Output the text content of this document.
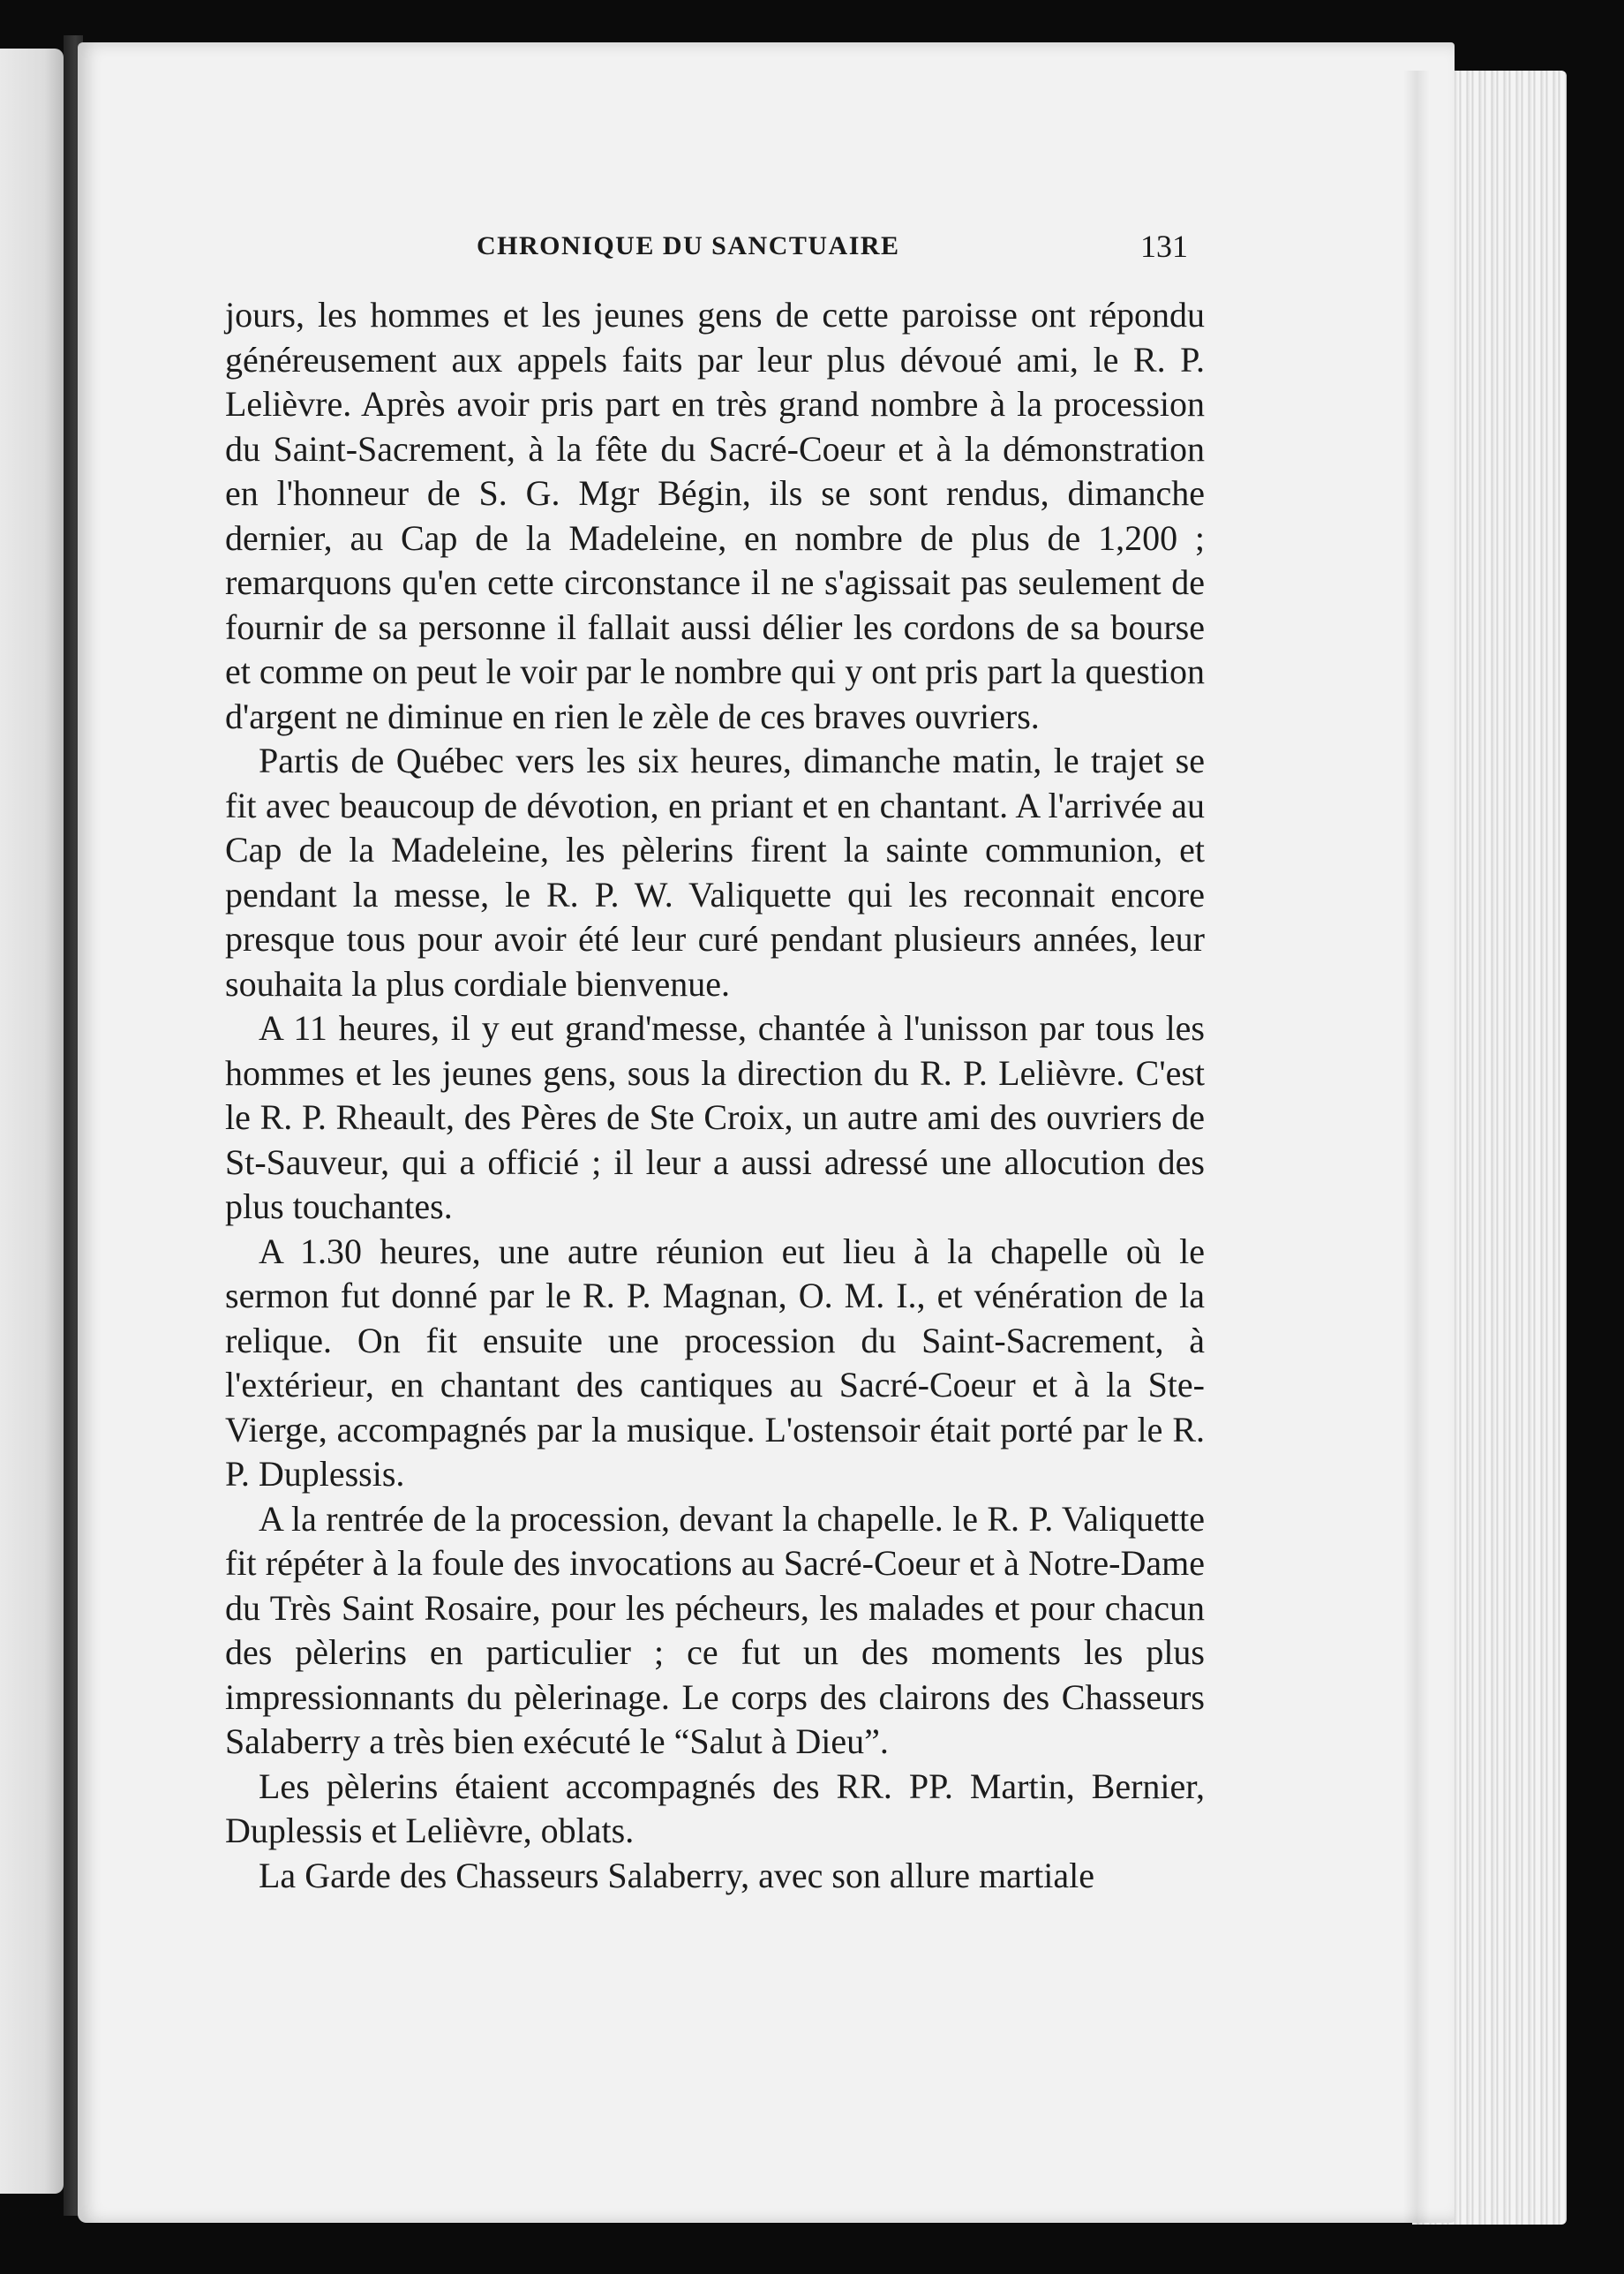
CHRONIQUE DU SANCTUAIRE	131

jours, les hommes et les jeunes gens de cette paroisse ont répondu généreusement aux appels faits par leur plus dévoué ami, le R. P. Lelièvre. Après avoir pris part en très grand nombre à la procession du Saint-Sacrement, à la fête du Sacré-Coeur et à la démonstration en l'honneur de S. G. Mgr Bégin, ils se sont rendus, dimanche dernier, au Cap de la Madeleine, en nombre de plus de 1,200 ; remarquons qu'en cette circonstance il ne s'agissait pas seulement de fournir de sa personne il fallait aussi délier les cordons de sa bourse et comme on peut le voir par le nombre qui y ont pris part la question d'argent ne diminue en rien le zèle de ces braves ouvriers.

Partis de Québec vers les six heures, dimanche matin, le trajet se fit avec beaucoup de dévotion, en priant et en chantant. A l'arrivée au Cap de la Madeleine, les pèlerins firent la sainte communion, et pendant la messe, le R. P. W. Valiquette qui les reconnait encore presque tous pour avoir été leur curé pendant plusieurs années, leur souhaita la plus cordiale bienvenue.

A 11 heures, il y eut grand'messe, chantée à l'unisson par tous les hommes et les jeunes gens, sous la direction du R. P. Lelièvre. C'est le R. P. Rheault, des Pères de Ste Croix, un autre ami des ouvriers de St-Sauveur, qui a officié ; il leur a aussi adressé une allocution des plus touchantes.

A 1.30 heures, une autre réunion eut lieu à la chapelle où le sermon fut donné par le R. P. Magnan, O. M. I., et vénération de la relique. On fit ensuite une procession du Saint-Sacrement, à l'extérieur, en chantant des cantiques au Sacré-Coeur et à la Ste-Vierge, accompagnés par la musique. L'ostensoir était porté par le R. P. Duplessis.

A la rentrée de la procession, devant la chapelle. le R. P. Valiquette fit répéter à la foule des invocations au Sacré-Coeur et à Notre-Dame du Très Saint Rosaire, pour les pécheurs, les malades et pour chacun des pèlerins en particulier ; ce fut un des moments les plus impressionnants du pèlerinage. Le corps des clairons des Chasseurs Salaberry a très bien exécuté le “Salut à Dieu”.

Les pèlerins étaient accompagnés des RR. PP. Martin, Bernier, Duplessis et Lelièvre, oblats.

La Garde des Chasseurs Salaberry, avec son allure martiale
